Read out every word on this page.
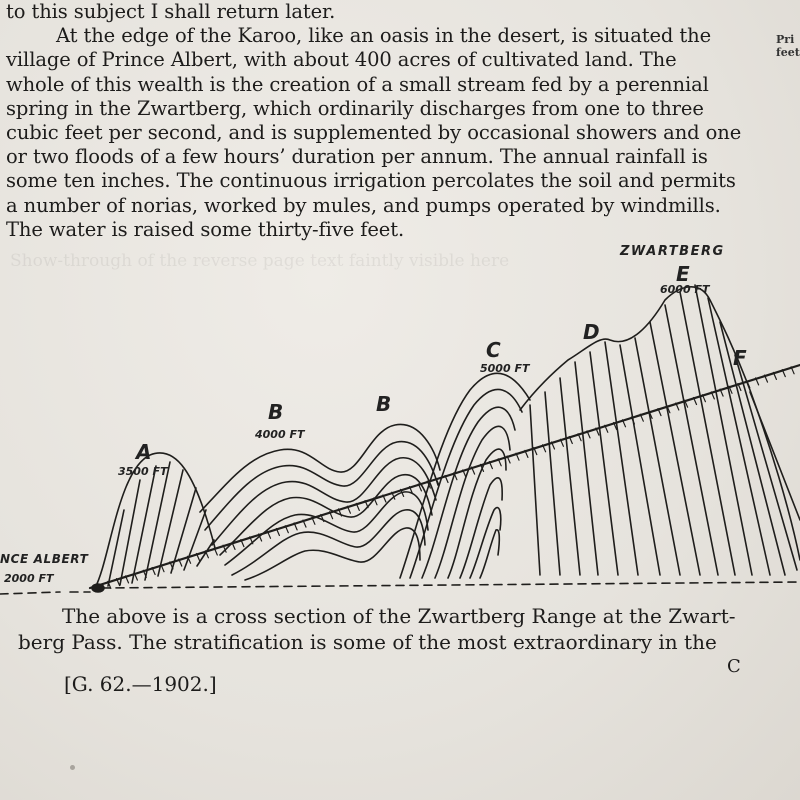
Show-through of the reverse page text faintly visible here
to this subject I shall return later.
At the edge of the Karoo, like an oasis in the desert, is situated the
village of Prince Albert, with about 400 acres of cultivated land. The
whole of this wealth is the creation of a small stream fed by a perennial
spring in the Zwartberg, which ordinarily discharges from one to three
cubic feet per second, and is supplemented by occasional showers and one
or two floods of a few hours’ duration per annum. The annual rainfall is
some ten inches. The continuous irrigation percolates the soil and permits
a number of norias, worked by mules, and pumps operated by windmills.
The water is raised some thirty-five feet.
Pri
feet
ZWARTBERG
E
6000 FT
D
F
C
5000 FT
B
B
4000 FT
A
3500 FT
NCE ALBERT
2000 FT
The above is a cross section of the Zwartberg Range at the Zwart-
berg Pass. The stratification is some of the most extraordinary in the
[G. 62.—1902.]
C
